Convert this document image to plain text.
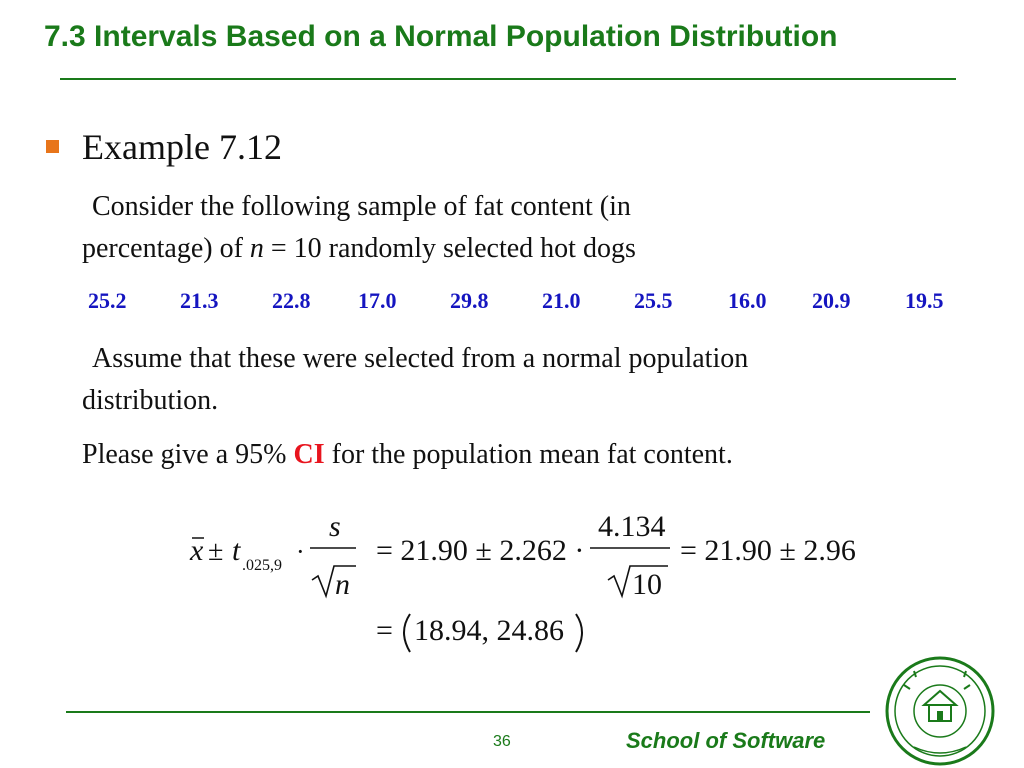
7.3 Intervals Based on a Normal Population Distribution
Example 7.12
Consider the following sample of fat content (in
percentage) of n = 10 randomly selected hot dogs
25.2 21.3 22.8 17.0 29.8 21.0 25.5	16.0 20.9 19.5
Assume that these were selected from a normal population
distribution.
Please give a 95% CI for the population mean fat content.
x ± t .025,9 ·
s
n
= 21.90 ± 2.262 ·
4.134
10
= 21.90 ± 2.96
= 18.94, 24.86
36	School of Software
